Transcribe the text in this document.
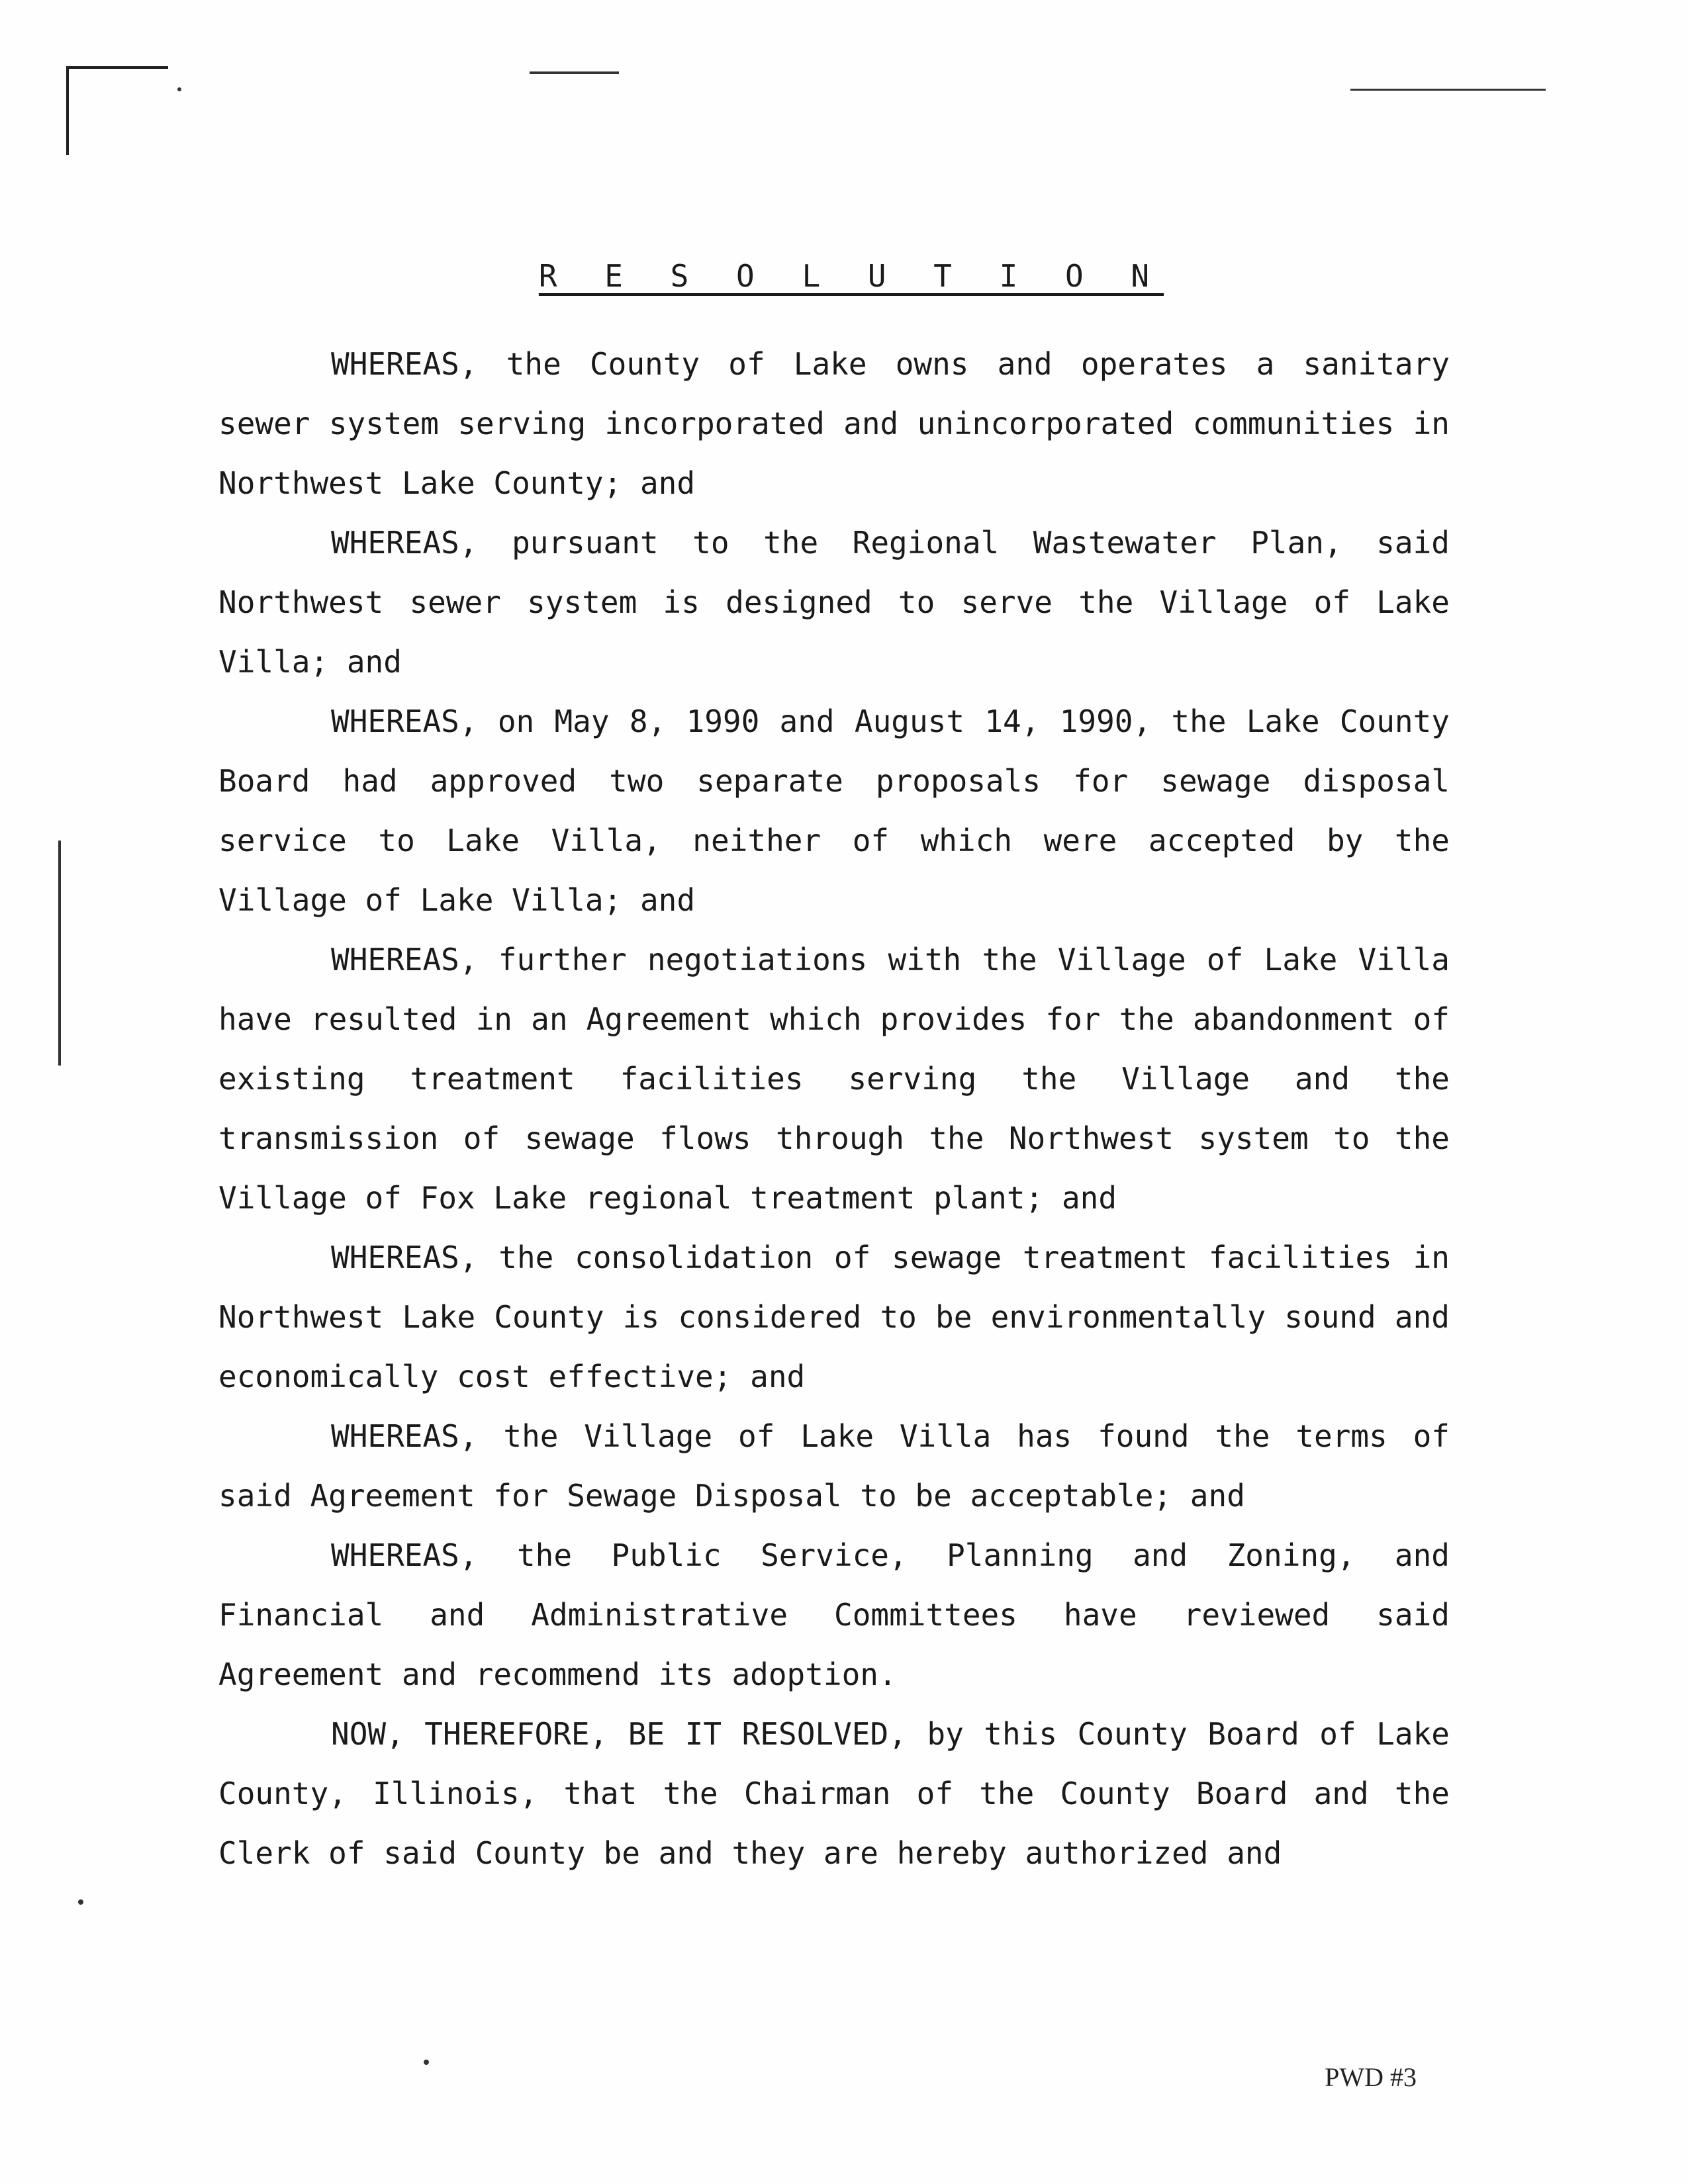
R E S O L U T I O N

WHEREAS, the County of Lake owns and operates a sanitary sewer system serving incorporated and unincorporated communities in Northwest Lake County; and

WHEREAS, pursuant to the Regional Wastewater Plan, said Northwest sewer system is designed to serve the Village of Lake Villa; and

WHEREAS, on May 8, 1990 and August 14, 1990, the Lake County Board had approved two separate proposals for sewage disposal service to Lake Villa, neither of which were accepted by the Village of Lake Villa; and

WHEREAS, further negotiations with the Village of Lake Villa have resulted in an Agreement which provides for the abandonment of existing treatment facilities serving the Village and the transmission of sewage flows through the Northwest system to the Village of Fox Lake regional treatment plant; and

WHEREAS, the consolidation of sewage treatment facilities in Northwest Lake County is considered to be environmentally sound and economically cost effective; and

WHEREAS, the Village of Lake Villa has found the terms of said Agreement for Sewage Disposal to be acceptable; and

WHEREAS, the Public Service, Planning and Zoning, and Financial and Administrative Committees have reviewed said Agreement and recommend its adoption.

NOW, THEREFORE, BE IT RESOLVED, by this County Board of Lake County, Illinois, that the Chairman of the County Board and the Clerk of said County be and they are hereby authorized and

PWD #3
